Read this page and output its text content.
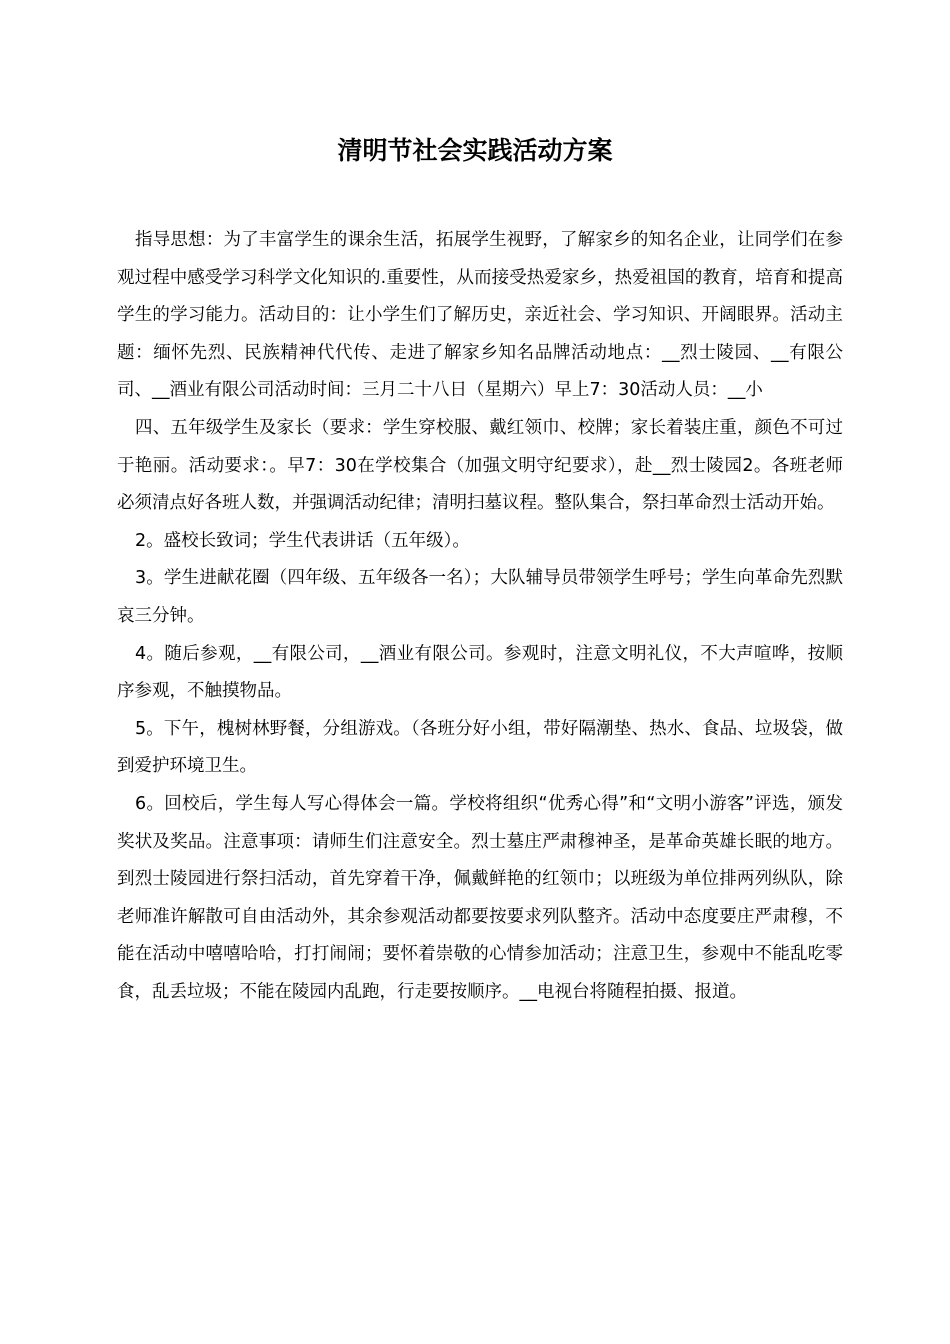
清明节社会实践活动方案

指导思想：为了丰富学生的课余生活，拓展学生视野，了解家乡的知名企业，让同学们在参观过程中感受学习科学文化知识的.重要性，从而接受热爱家乡，热爱祖国的教育，培育和提高学生的学习能力。活动目的：让小学生们了解历史，亲近社会、学习知识、开阔眼界。活动主题：缅怀先烈、民族精神代代传、走进了解家乡知名品牌活动地点：__烈士陵园、__有限公司、__酒业有限公司活动时间：三月二十八日（星期六）早上7：30活动人员：__小

四、五年级学生及家长（要求：学生穿校服、戴红领巾、校牌；家长着装庄重，颜色不可过于艳丽。活动要求：。早7：30在学校集合（加强文明守纪要求），赴__烈士陵园2。各班老师必须清点好各班人数，并强调活动纪律；清明扫墓议程。整队集合，祭扫革命烈士活动开始。

2。盛校长致词；学生代表讲话（五年级）。

3。学生进献花圈（四年级、五年级各一名）；大队辅导员带领学生呼号；学生向革命先烈默哀三分钟。

4。随后参观，__有限公司，__酒业有限公司。参观时，注意文明礼仪，不大声喧哗，按顺序参观，不触摸物品。

5。下午，槐树林野餐，分组游戏。（各班分好小组，带好隔潮垫、热水、食品、垃圾袋，做到爱护环境卫生。

6。回校后，学生每人写心得体会一篇。学校将组织“优秀心得”和“文明小游客”评选，颁发奖状及奖品。注意事项：请师生们注意安全。烈士墓庄严肃穆神圣，是革命英雄长眠的地方。到烈士陵园进行祭扫活动，首先穿着干净，佩戴鲜艳的红领巾；以班级为单位排两列纵队，除老师准许解散可自由活动外，其余参观活动都要按要求列队整齐。活动中态度要庄严肃穆，不能在活动中嘻嘻哈哈，打打闹闹；要怀着崇敬的心情参加活动；注意卫生，参观中不能乱吃零食，乱丢垃圾；不能在陵园内乱跑，行走要按顺序。__电视台将随程拍摄、报道。
